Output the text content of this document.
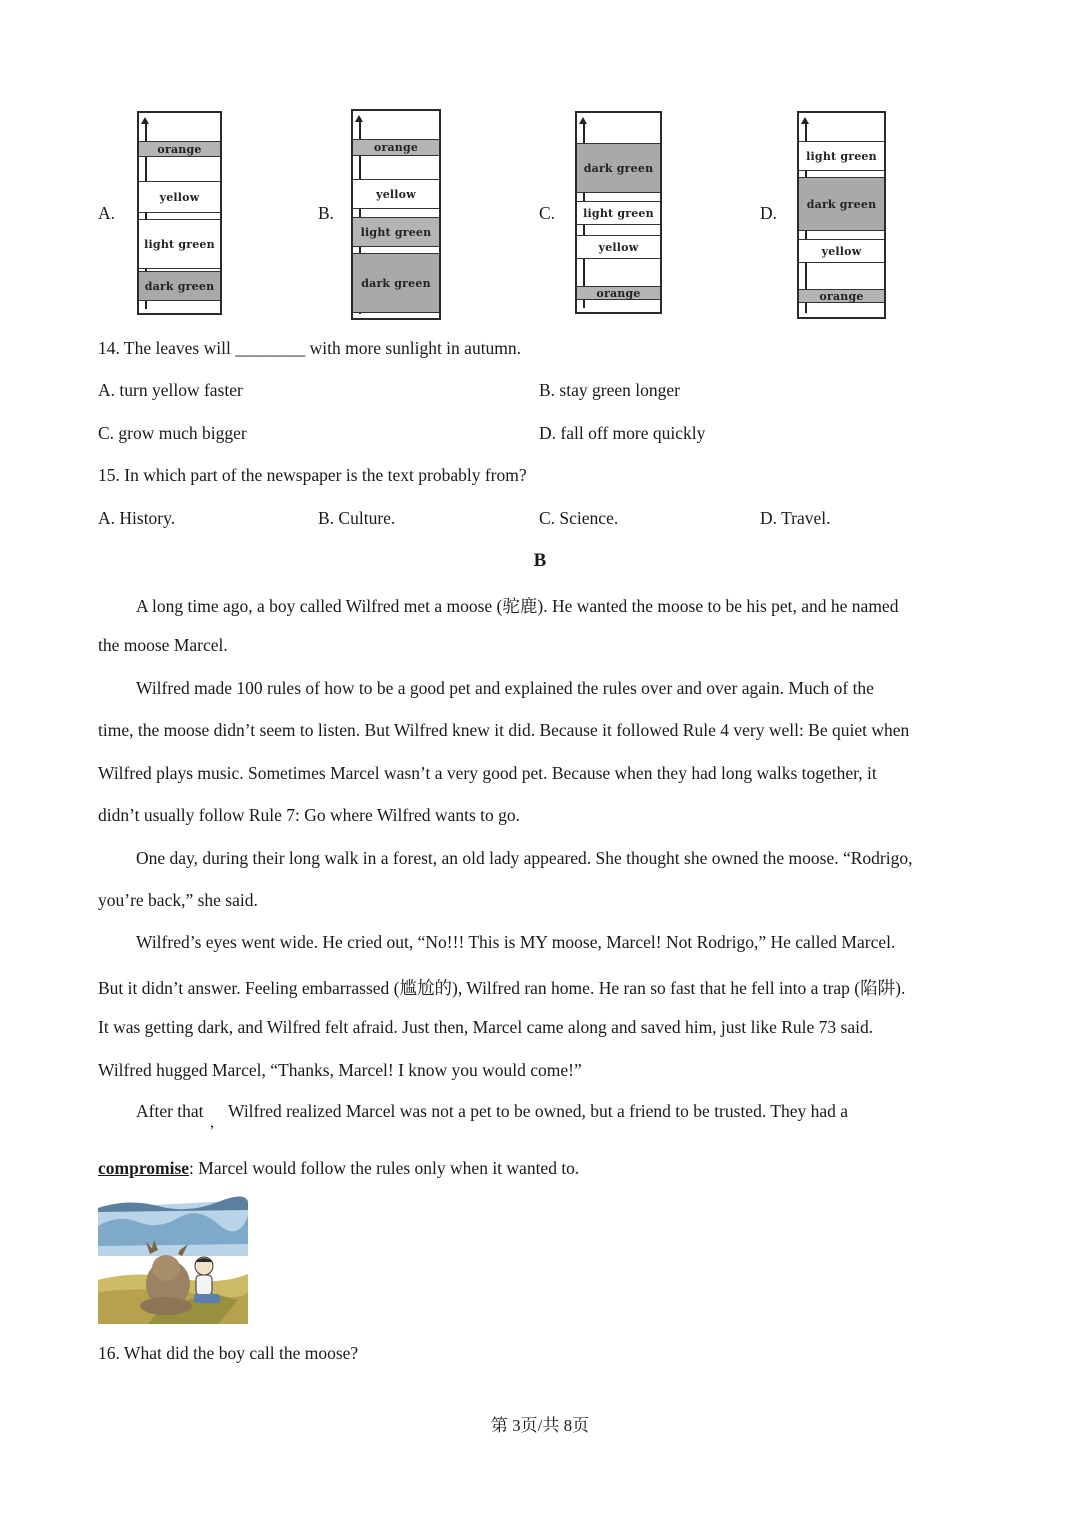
A.
orange
yellow
light green
dark green
B.
orange
yellow
light green
dark green
C.
dark green
light green
yellow
orange
D.
light green
dark green
yellow
orange
14. The leaves will ________ with more sunlight in autumn.
A. turn yellow faster	B. stay green longer
C. grow much bigger	D. fall off more quickly
15. In which part of the newspaper is the text probably from?
A. History.	B. Culture.	C. Science.	D. Travel.
B
A long time ago, a boy called Wilfred met a moose (驼鹿). He wanted the moose to be his pet, and he named
the moose Marcel.
Wilfred made 100 rules of how to be a good pet and explained the rules over and over again. Much of the
time, the moose didn’t seem to listen. But Wilfred knew it did. Because it followed Rule 4 very well: Be quiet when
Wilfred plays music. Sometimes Marcel wasn’t a very good pet. Because when they had long walks together, it
didn’t usually follow Rule 7: Go where Wilfred wants to go.
One day, during their long walk in a forest, an old lady appeared. She thought she owned the moose. “Rodrigo,
you’re back,” she said.
Wilfred’s eyes went wide. He cried out, “No!!! This is MY moose, Marcel! Not Rodrigo,” He called Marcel.
But it didn’t answer. Feeling embarrassed (尴尬的), Wilfred ran home. He ran so fast that he fell into a trap (陷阱).
It was getting dark, and Wilfred felt afraid. Just then, Marcel came along and saved him, just like Rule 73 said.
Wilfred hugged Marcel, “Thanks, Marcel! I know you would come!”
After that
,
Wilfred realized Marcel was not a pet to be owned, but a friend to be trusted. They had a
compromise: Marcel would follow the rules only when it wanted to.
16. What did the boy call the moose?
第 3页/共 8页
